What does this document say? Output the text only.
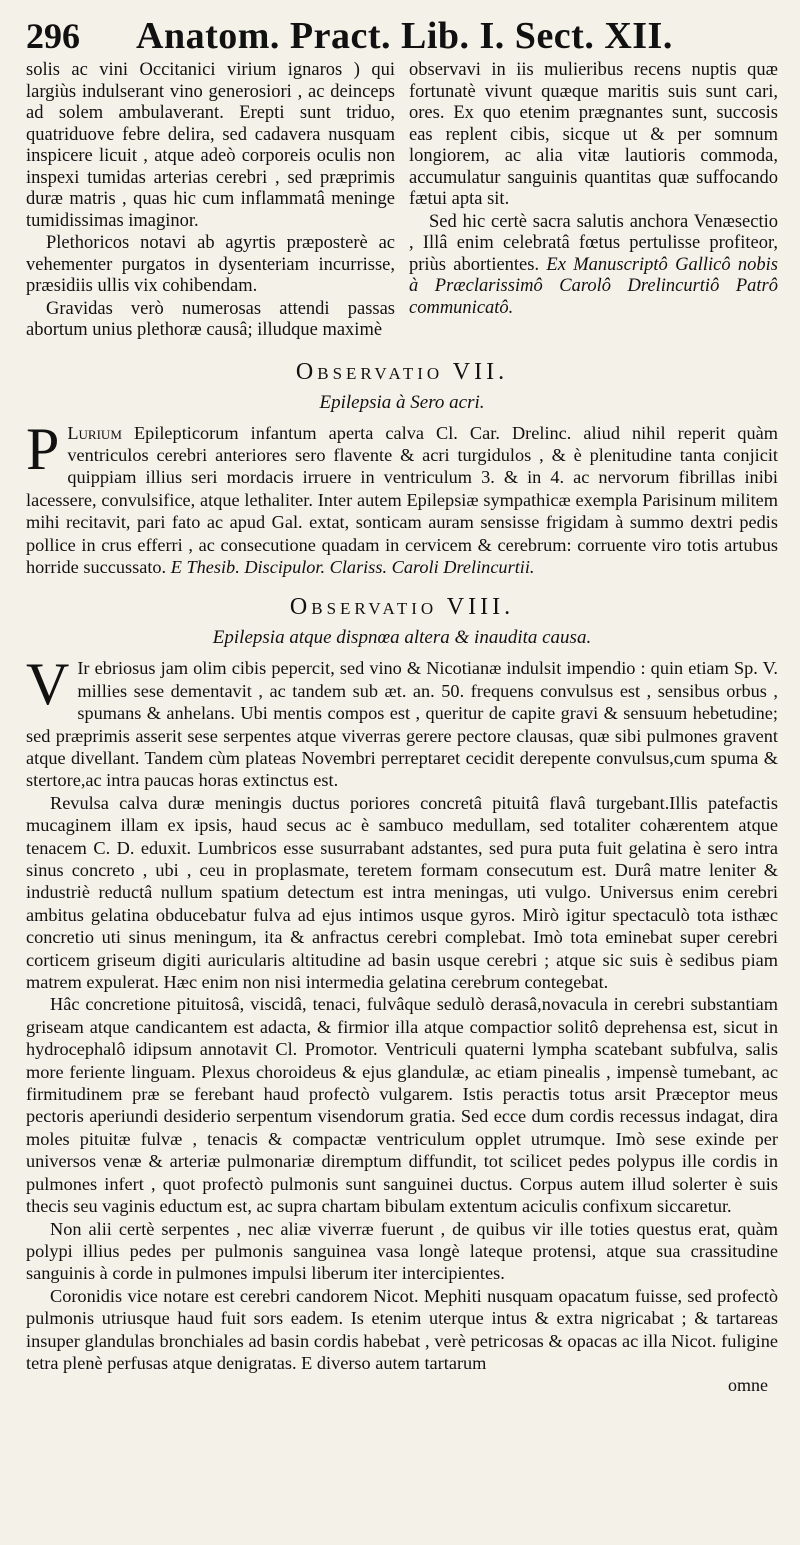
296	Anatom. Pract. Lib. I. Sect. XII.

solis ac vini Occitanici virium ignaros ) qui largiùs indulserant vino generosiori , ac deinceps ad solem ambulaverant. Erepti sunt triduo, quatriduove febre delira, sed cadavera nusquam inspicere licuit , atque adeò corporeis oculis non inspexi tumidas arterias cerebri , sed præprimis duræ matris , quas hic cum inflammatâ meninge tumidissimas imaginor.

Plethoricos notavi ab agyrtis præposterè ac vehementer purgatos in dysenteriam incurrisse, præsidiis ullis vix cohibendam.

Gravidas verò numerosas attendi passas abortum unius plethoræ causâ; illudque maximè

observavi in iis mulieribus recens nuptis quæ fortunatè vivunt quæque maritis suis sunt cari, ores. Ex quo etenim prægnantes sunt, succosis eas replent cibis, sicque ut & per somnum longiorem, ac alia vitæ lautioris commoda, accumulatur sanguinis quantitas quæ suffocando fætui apta sit.

Sed hic certè sacra salutis anchora Venæsectio , Illâ enim celebratâ fœtus pertulisse profiteor, priùs abortientes. Ex Manuscriptô Gallicô nobis à Præclarissimô Carolô Drelincurtiô Patrô communicatô.

Observatio VII.
Epilepsia à Sero acri.

P Lurium Epilepticorum infantum aperta calva Cl. Car. Drelinc. aliud nihil reperit quàm ventriculos cerebri anteriores sero flavente & acri turgidulos , & è plenitudine tanta conjicit quippiam illius seri mordacis irruere in ventriculum 3. & in 4. ac nervorum fibrillas inibi lacessere, convulsifice, atque lethaliter. Inter autem Epilepsiæ sympathicæ exempla Parisinum militem mihi recitavit, pari fato ac apud Gal. extat, sonticam auram sensisse frigidam à summo dextri pedis pollice in crus efferri , ac consecutione quadam in cervicem & cerebrum: corruente viro totis artubus horride succussato. E Thesib. Discipulor. Clariss. Caroli Drelincurtii.

Observatio VIII.
Epilepsia atque dispnœa altera & inaudita causa.

V Ir ebriosus jam olim cibis pepercit, sed vino & Nicotianæ indulsit impendio : quin etiam Sp. V. millies sese dementavit , ac tandem sub æt. an. 50. frequens convulsus est , sensibus orbus , spumans & anhelans. Ubi mentis compos est , queritur de capite gravi & sensuum hebetudine; sed præprimis asserit sese serpentes atque viverras gerere pectore clausas, quæ sibi pulmones gravent atque divellant. Tandem cùm plateas Novembri perreptaret cecidit derepente convulsus,cum spuma & stertore,ac intra paucas horas extinctus est.

Revulsa calva duræ meningis ductus poriores concretâ pituitâ flavâ turgebant.Illis patefactis mucaginem illam ex ipsis, haud secus ac è sambuco medullam, sed totaliter cohærentem atque tenacem C. D. eduxit. Lumbricos esse susurrabant adstantes, sed pura puta fuit gelatina è sero intra sinus concreto , ubi , ceu in proplasmate, teretem formam consecutum est. Durâ matre leniter & industriè reductâ nullum spatium detectum est intra meningas, uti vulgo. Universus enim cerebri ambitus gelatina obducebatur fulva ad ejus intimos usque gyros. Mirò igitur spectaculò tota isthæc concretio uti sinus meningum, ita & anfractus cerebri complebat. Imò tota eminebat super cerebri corticem griseum digiti auricularis altitudine ad basin usque cerebri ; atque sic suis è sedibus piam matrem expulerat. Hæc enim non nisi intermedia gelatina cerebrum contegebat.

Hâc concretione pituitosâ, viscidâ, tenaci, fulvâque sedulò derasâ,novacula in cerebri substantiam griseam atque candicantem est adacta, & firmior illa atque compactior solitô deprehensa est, sicut in hydrocephalô idipsum annotavit Cl. Promotor. Ventriculi quaterni lympha scatebant subfulva, salis more feriente linguam. Plexus choroideus & ejus glandulæ, ac etiam pinealis , impensè tumebant, ac firmitudinem præ se ferebant haud profectò vulgarem. Istis peractis totus arsit Præceptor meus pectoris aperiundi desiderio serpentum visendorum gratia. Sed ecce dum cordis recessus indagat, dira moles pituitæ fulvæ , tenacis & compactæ ventriculum opplet utrumque. Imò sese exinde per universos venæ & arteriæ pulmonariæ diremptum diffundit, tot scilicet pedes polypus ille cordis in pulmones infert , quot profectò pulmonis sunt sanguinei ductus. Corpus autem illud solerter è suis thecis seu vaginis eductum est, ac supra chartam bibulam extentum aciculis confixum siccaretur.

Non alii certè serpentes , nec aliæ viverræ fuerunt , de quibus vir ille toties questus erat, quàm polypi illius pedes per pulmonis sanguinea vasa longè lateque protensi, atque sua crassitudine sanguinis à corde in pulmones impulsi liberum iter intercipientes.

Coronidis vice notare est cerebri candorem Nicot. Mephiti nusquam opacatum fuisse, sed profectò pulmonis utriusque haud fuit sors eadem. Is etenim uterque intus & extra nigricabat ; & tartareas insuper glandulas bronchiales ad basin cordis habebat , verè petricosas & opacas ac illa Nicot. fuligine tetra plenè perfusas atque denigratas. E diverso autem tartarum

omne
